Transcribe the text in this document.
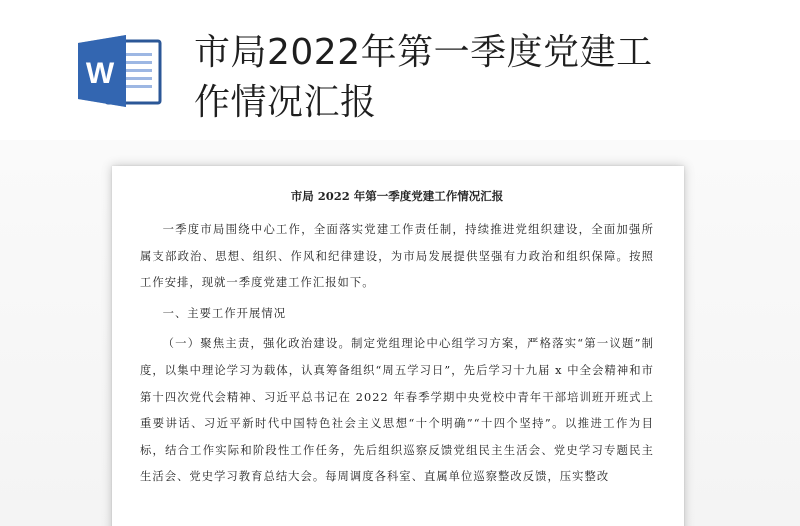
W
市局2022年第一季度党建工作情况汇报

市局 2022 年第一季度党建工作情况汇报

一季度市局围绕中心工作，全面落实党建工作责任制，持续推进党组织建设，全面加强所属支部政治、思想、组织、作风和纪律建设，为市局发展提供坚强有力政治和组织保障。按照工作安排，现就一季度党建工作汇报如下。

一、主要工作开展情况

（一）聚焦主责，强化政治建设。制定党组理论中心组学习方案，严格落实“第一议题”制度，以集中理论学习为载体，认真筹备组织“周五学习日”，先后学习十九届 x 中全会精神和市第十四次党代会精神、习近平总书记在 2022 年春季学期中央党校中青年干部培训班开班式上重要讲话、习近平新时代中国特色社会主义思想“十个明确”“十四个坚持”。以推进工作为目标，结合工作实际和阶段性工作任务，先后组织巡察反馈党组民主生活会、党史学习专题民主生活会、党史学习教育总结大会。每周调度各科室、直属单位巡察整改反馈，压实整改
